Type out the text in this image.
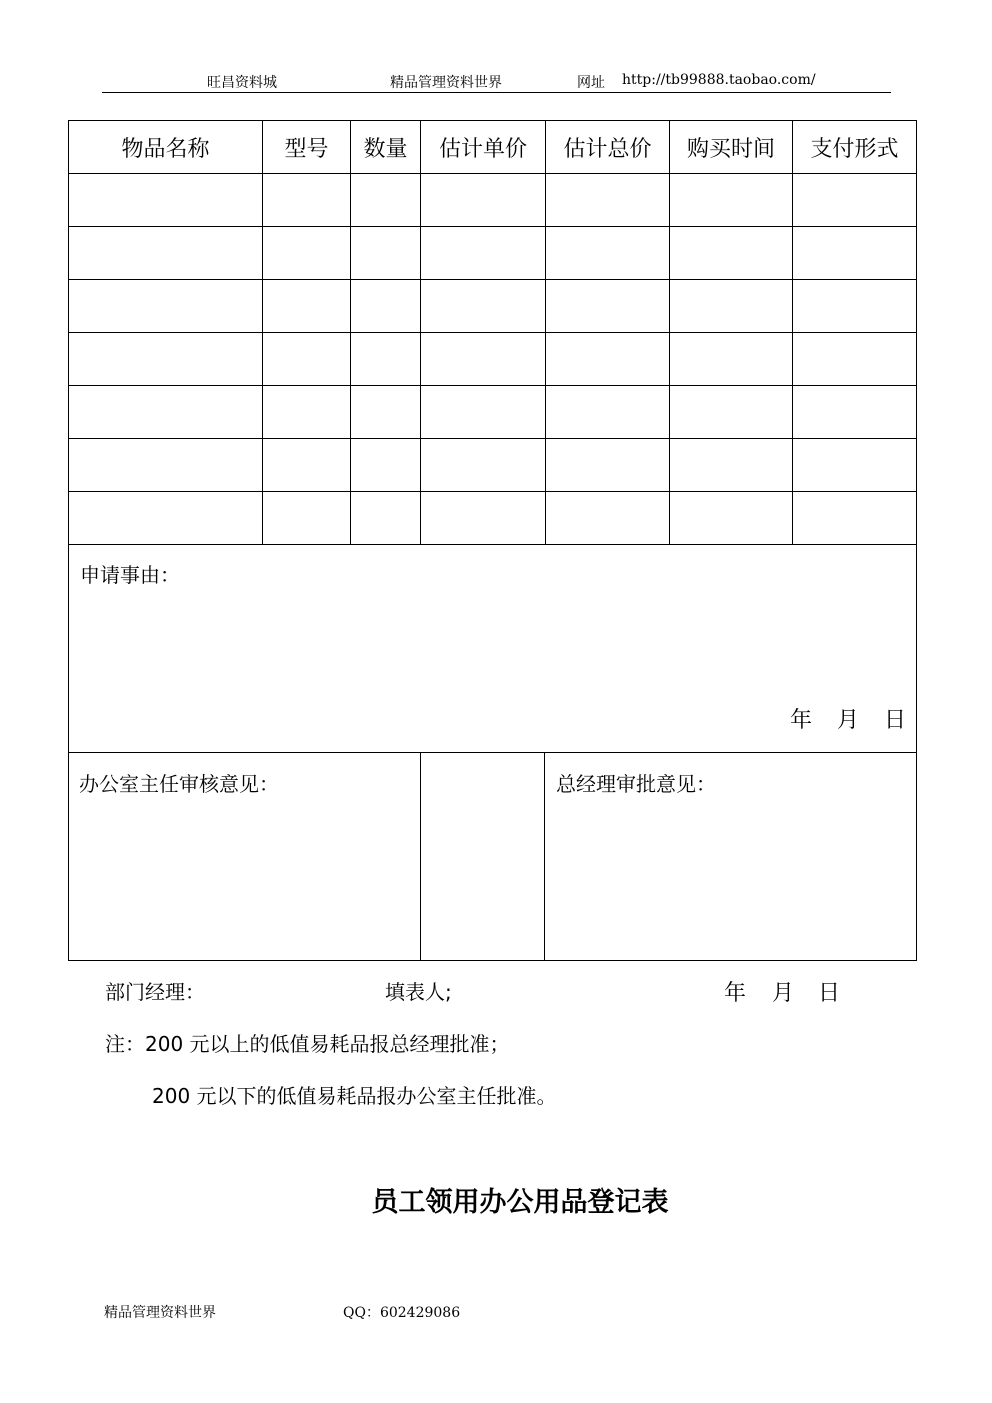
旺昌资料城	精品管理资料世界	网址 http://tb99888.taobao.com/
物品名称	型号	数量	估计单价	估计总价	购买时间	支付形式

申请事由：
年 月 日						

办公室主任审核意见：	总经理审批意见：
部门经理：	填表人;	年 月 日
注：200 元以上的低值易耗品报总经理批准；
200 元以下的低值易耗品报办公室主任批准。
员工领用办公用品登记表
精品管理资料世界	QQ：602429086
